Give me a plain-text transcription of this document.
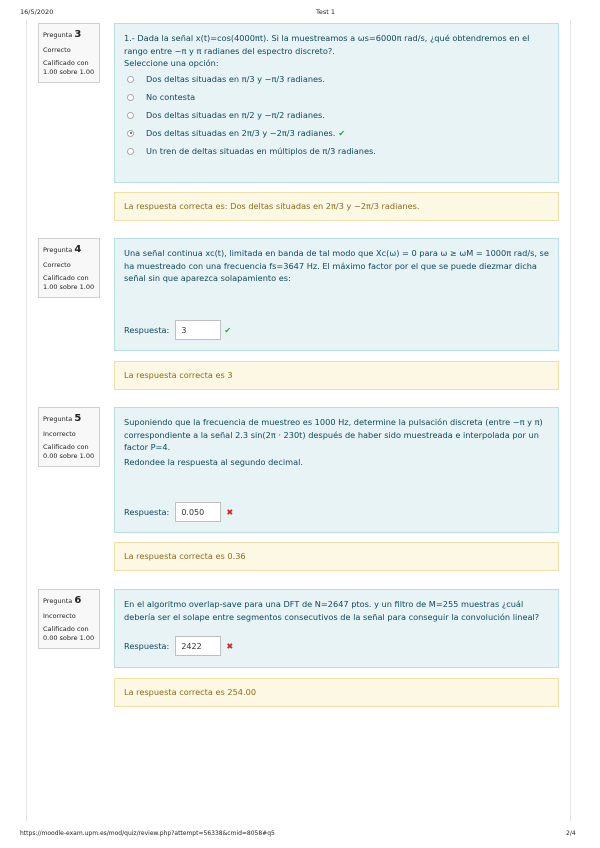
16/5/2020	Test 1
Pregunta 3
Correcto
Calificado con 1.00 sobre 1.00

1.- Dada la señal x(t)=cos(4000πt). Si la muestreamos a ωs=6000π rad/s, ¿qué obtendremos en el rango entre −π y π radianes del espectro discreto?.

Seleccione una opción:

Dos deltas situadas en π/3 y −π/3 radianes.
No contesta
Dos deltas situadas en π/2 y −π/2 radianes.
Dos deltas situadas en 2π/3 y −2π/3 radianes. ✔
Un tren de deltas situadas en múltiplos de π/3 radianes.
La respuesta correcta es: Dos deltas situadas en 2π/3 y −2π/3 radianes.
Pregunta 4
Correcto
Calificado con 1.00 sobre 1.00

Una señal continua xc(t), limitada en banda de tal modo que Xc(ω) = 0 para ω ≥ ωM = 1000π rad/s, se ha muestreado con una frecuencia fs=3647 Hz. El máximo factor por el que se puede diezmar dicha señal sin que aparezca solapamiento es:

Respuesta:	3	✔
La respuesta correcta es 3
Pregunta 5
Incorrecto
Calificado con 0.00 sobre 1.00

Suponiendo que la frecuencia de muestreo es 1000 Hz, determine la pulsación discreta (entre −π y π) correspondiente a la señal 2.3 sin(2π · 230t) después de haber sido muestreada e interpolada por un factor P=4.

Redondee la respuesta al segundo decimal.

Respuesta:	0.050	✖
La respuesta correcta es 0.36
Pregunta 6
Incorrecto
Calificado con 0.00 sobre 1.00

En el algoritmo overlap-save para una DFT de N=2647 ptos. y un filtro de M=255 muestras ¿cuál debería ser el solape entre segmentos consecutivos de la señal para conseguir la convolución lineal?

Respuesta:	2422	✖
La respuesta correcta es 254.00
https://moodle-exam.upm.es/mod/quiz/review.php?attempt=56338&cmid=8058#q5	2/4
